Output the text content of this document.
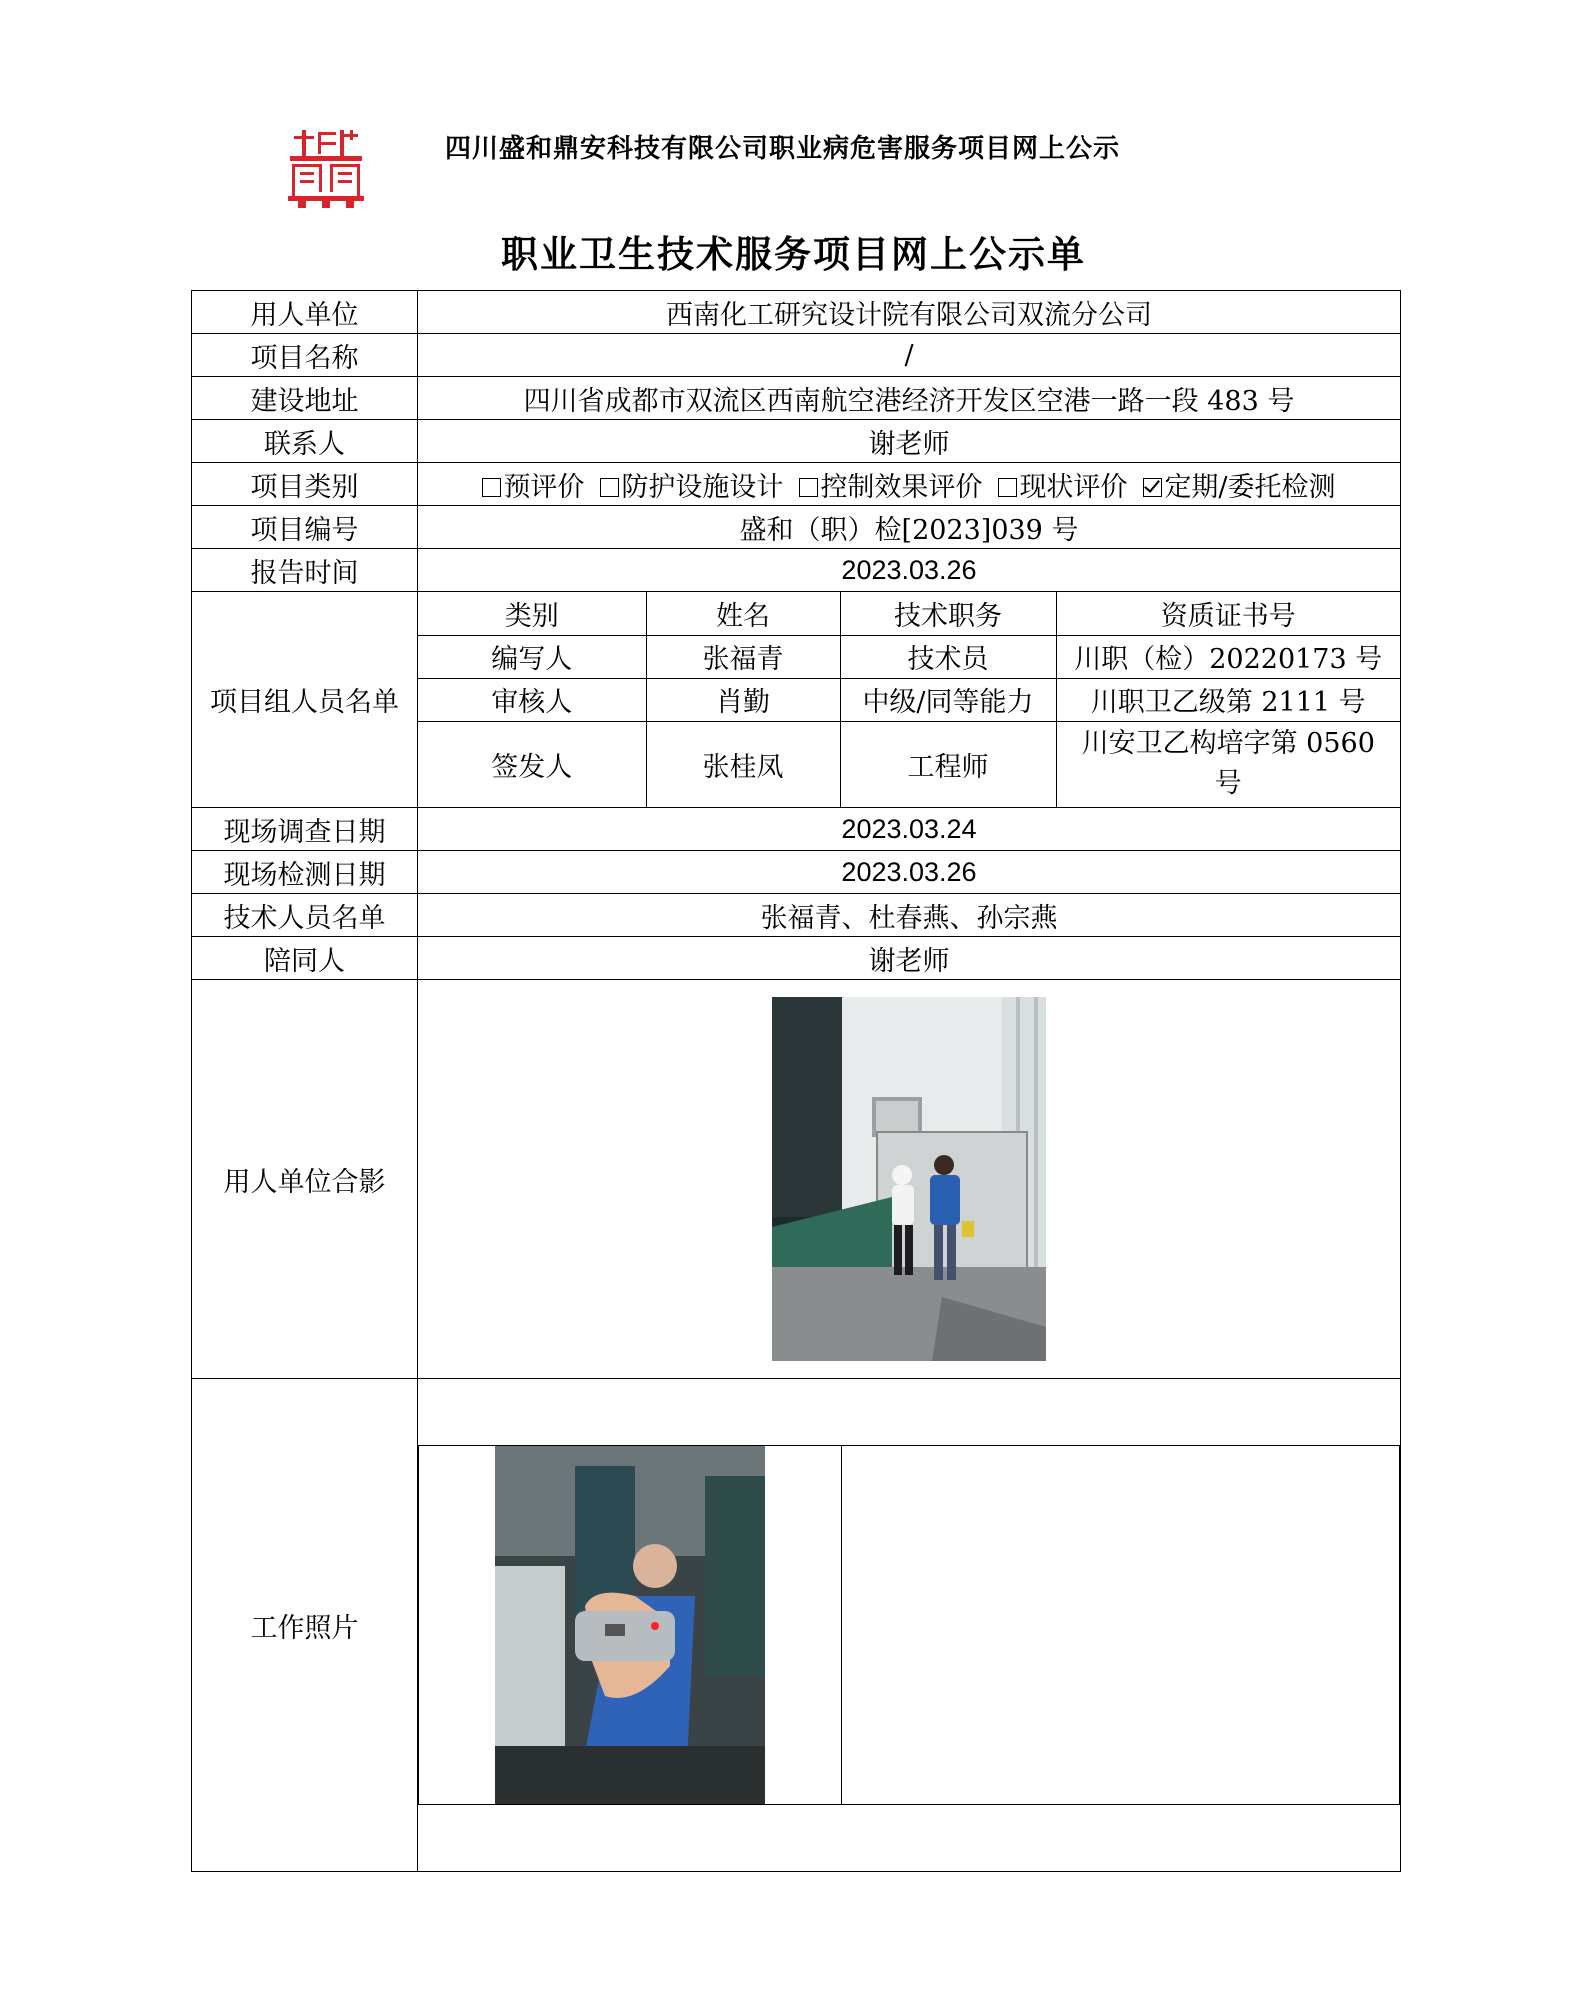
四川盛和鼎安科技有限公司职业病危害服务项目网上公示
职业卫生技术服务项目网上公示单
用人单位	西南化工研究设计院有限公司双流分公司
项目名称	/
建设地址	四川省成都市双流区西南航空港经济开发区空港一路一段 483 号
联系人	谢老师
项目类别	预评价 防护设施设计 控制效果评价 现状评价 定期/委托检测
项目编号	盛和（职）检[2023]039 号
报告时间	2023.03.26
项目组人员名单	
类别	姓名	技术职务	资质证书号
编写人	张福青	技术员	川职（检）20220173 号
审核人	肖勤	中级/同等能力	川职卫乙级第 2111 号
签发人	张桂凤	工程师	川安卫乙构培字第 0560 号

现场调查日期	2023.03.24
现场检测日期	2023.03.26
技术人员名单	张福青、杜春燕、孙宗燕
陪同人	谢老师
用人单位合影	

工作照片	
